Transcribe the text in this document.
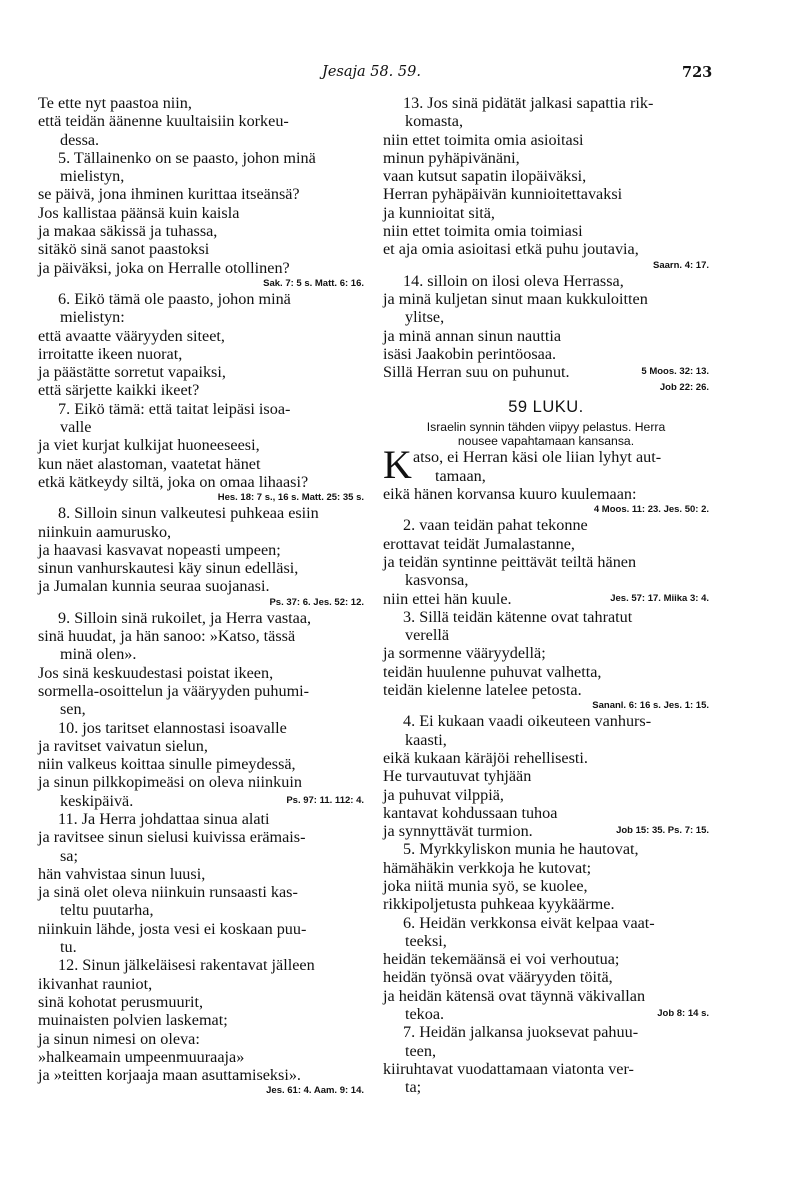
Jesaja 58. 59.	723
Te ette nyt paastoa niin,
että teidän äänenne kuultaisiin korkeu-
dessa.
5. Tällainenko on se paasto, johon minä
mielistyn,
se päivä, jona ihminen kurittaa itseänsä?
Jos kallistaa päänsä kuin kaisla
ja makaa säkissä ja tuhassa,
sitäkö sinä sanot paastoksi
ja päiväksi, joka on Herralle otollinen?
Sak. 7: 5 s. Matt. 6: 16.
6. Eikö tämä ole paasto, johon minä
mielistyn:
että avaatte vääryyden siteet,
irroitatte ikeen nuorat,
ja päästätte sorretut vapaiksi,
että särjette kaikki ikeet?
7. Eikö tämä: että taitat leipäsi isoa-
valle
ja viet kurjat kulkijat huoneeseesi,
kun näet alastoman, vaatetat hänet
etkä kätkeydy siltä, joka on omaa lihaasi?
Hes. 18: 7 s., 16 s. Matt. 25: 35 s.
8. Silloin sinun valkeutesi puhkeaa esiin
niinkuin aamurusko,
ja haavasi kasvavat nopeasti umpeen;
sinun vanhurskautesi käy sinun edelläsi,
ja Jumalan kunnia seuraa suojanasi.
Ps. 37: 6. Jes. 52: 12.
9. Silloin sinä rukoilet, ja Herra vastaa,
sinä huudat, ja hän sanoo: »Katso, tässä
minä olen».
Jos sinä keskuudestasi poistat ikeen,
sormella-osoittelun ja vääryyden puhumi-
sen,
10. jos taritset elannostasi isoavalle
ja ravitset vaivatun sielun,
niin valkeus koittaa sinulle pimeydessä,
ja sinun pilkkopimeäsi on oleva niinkuin
keskipäivä.	Ps. 97: 11. 112: 4.
11. Ja Herra johdattaa sinua alati
ja ravitsee sinun sielusi kuivissa erämais-
sa;
hän vahvistaa sinun luusi,
ja sinä olet oleva niinkuin runsaasti kas-
teltu puutarha,
niinkuin lähde, josta vesi ei koskaan puu-
tu.
12. Sinun jälkeläisesi rakentavat jälleen
ikivanhat rauniot,
sinä kohotat perusmuurit,
muinaisten polvien laskemat;
ja sinun nimesi on oleva:
»halkeamain umpeenmuuraaja»
ja »teitten korjaaja maan asuttamiseksi».
Jes. 61: 4. Aam. 9: 14.
13. Jos sinä pidätät jalkasi sapattia rik-
komasta,
niin ettet toimita omia asioitasi
minun pyhäpivänäni,
vaan kutsut sapatin ilopäiväksi,
Herran pyhäpäivän kunnioitettavaksi
ja kunnioitat sitä,
niin ettet toimita omia toimiasi
et aja omia asioitasi etkä puhu joutavia,
Saarn. 4: 17.
14. silloin on ilosi oleva Herrassa,
ja minä kuljetan sinut maan kukkuloitten
ylitse,
ja minä annan sinun nauttia
isäsi Jaakobin perintöosaa.
Sillä Herran suu on puhunut.	5 Moos. 32: 13.
Job 22: 26.
59 LUKU.
Israelin synnin tähden viipyy pelastus. Herra
nousee vapahtamaan kansansa.
K atso, ei Herran käsi ole liian lyhyt aut-
tamaan,
eikä hänen korvansa kuuro kuulemaan:
4 Moos. 11: 23. Jes. 50: 2.
2. vaan teidän pahat tekonne
erottavat teidät Jumalastanne,
ja teidän syntinne peittävät teiltä hänen
kasvonsa,
niin ettei hän kuule.	Jes. 57: 17. Miika 3: 4.
3. Sillä teidän kätenne ovat tahratut
verellä
ja sormenne vääryydellä;
teidän huulenne puhuvat valhetta,
teidän kielenne latelee petosta.
Sananl. 6: 16 s. Jes. 1: 15.
4. Ei kukaan vaadi oikeuteen vanhurs-
kaasti,
eikä kukaan käräjöi rehellisesti.
He turvautuvat tyhjään
ja puhuvat vilppiä,
kantavat kohdussaan tuhoa
ja synnyttävät turmion.	Job 15: 35. Ps. 7: 15.
5. Myrkkyliskon munia he hautovat,
hämähäkin verkkoja he kutovat;
joka niitä munia syö, se kuolee,
rikkipoljetusta puhkeaa kyykäärme.
6. Heidän verkkonsa eivät kelpaa vaat-
teeksi,
heidän tekemäänsä ei voi verhoutua;
heidän työnsä ovat vääryyden töitä,
ja heidän kätensä ovat täynnä väkivallan
tekoa.	Job 8: 14 s.
7. Heidän jalkansa juoksevat pahuu-
teen,
kiiruhtavat vuodattamaan viatonta ver-
ta;
